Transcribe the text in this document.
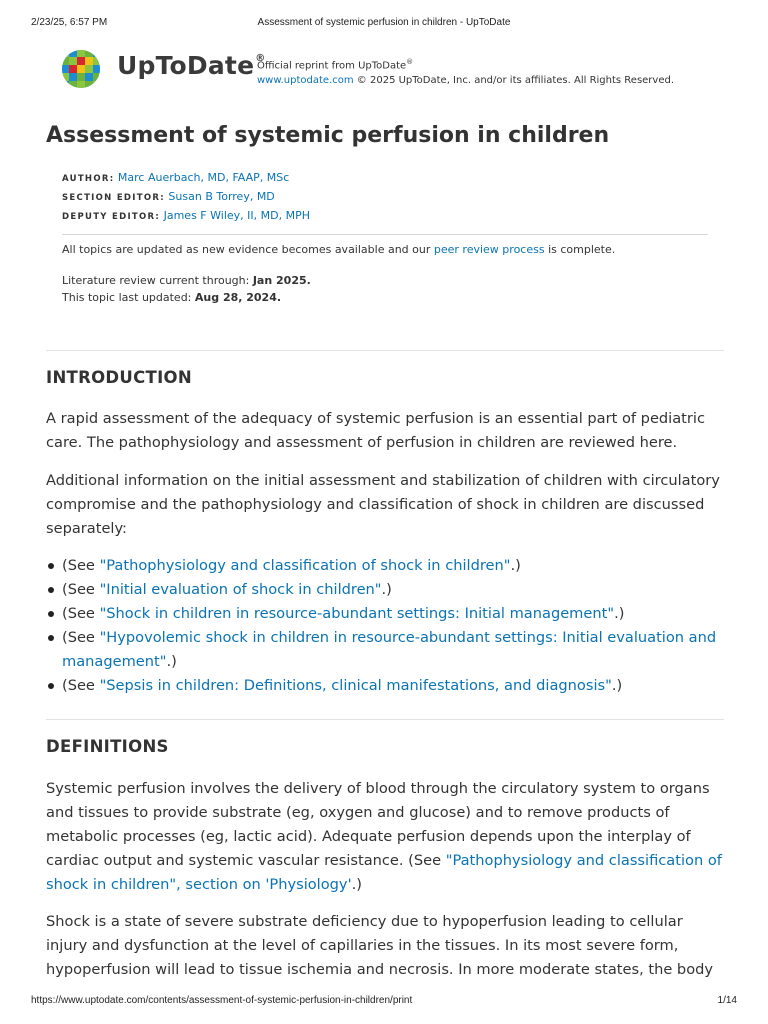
2/23/25, 6:57 PM	Assessment of systemic perfusion in children - UpToDate
UpToDate®
Official reprint from UpToDate®
www.uptodate.com © 2025 UpToDate, Inc. and/or its affiliates. All Rights Reserved.
Assessment of systemic perfusion in children
AUTHOR: Marc Auerbach, MD, FAAP, MSc
SECTION EDITOR: Susan B Torrey, MD
DEPUTY EDITOR: James F Wiley, II, MD, MPH
All topics are updated as new evidence becomes available and our peer review process is complete.
Literature review current through: Jan 2025.
This topic last updated: Aug 28, 2024.
INTRODUCTION

A rapid assessment of the adequacy of systemic perfusion is an essential part of pediatric care. The pathophysiology and assessment of perfusion in children are reviewed here.

Additional information on the initial assessment and stabilization of children with circulatory compromise and the pathophysiology and classification of shock in children are discussed separately:

(See "Pathophysiology and classification of shock in children".)
(See "Initial evaluation of shock in children".)
(See "Shock in children in resource-abundant settings: Initial management".)
(See "Hypovolemic shock in children in resource-abundant settings: Initial evaluation and management".)
(See "Sepsis in children: Definitions, clinical manifestations, and diagnosis".)
DEFINITIONS

Systemic perfusion involves the delivery of blood through the circulatory system to organs and tissues to provide substrate (eg, oxygen and glucose) and to remove products of metabolic processes (eg, lactic acid). Adequate perfusion depends upon the interplay of cardiac output and systemic vascular resistance. (See "Pathophysiology and classification of shock in children", section on 'Physiology'.)

Shock is a state of severe substrate deficiency due to hypoperfusion leading to cellular injury and dysfunction at the level of capillaries in the tissues. In its most severe form, hypoperfusion will lead to tissue ischemia and necrosis. In more moderate states, the body

https://www.uptodate.com/contents/assessment-of-systemic-perfusion-in-children/print	1/14
